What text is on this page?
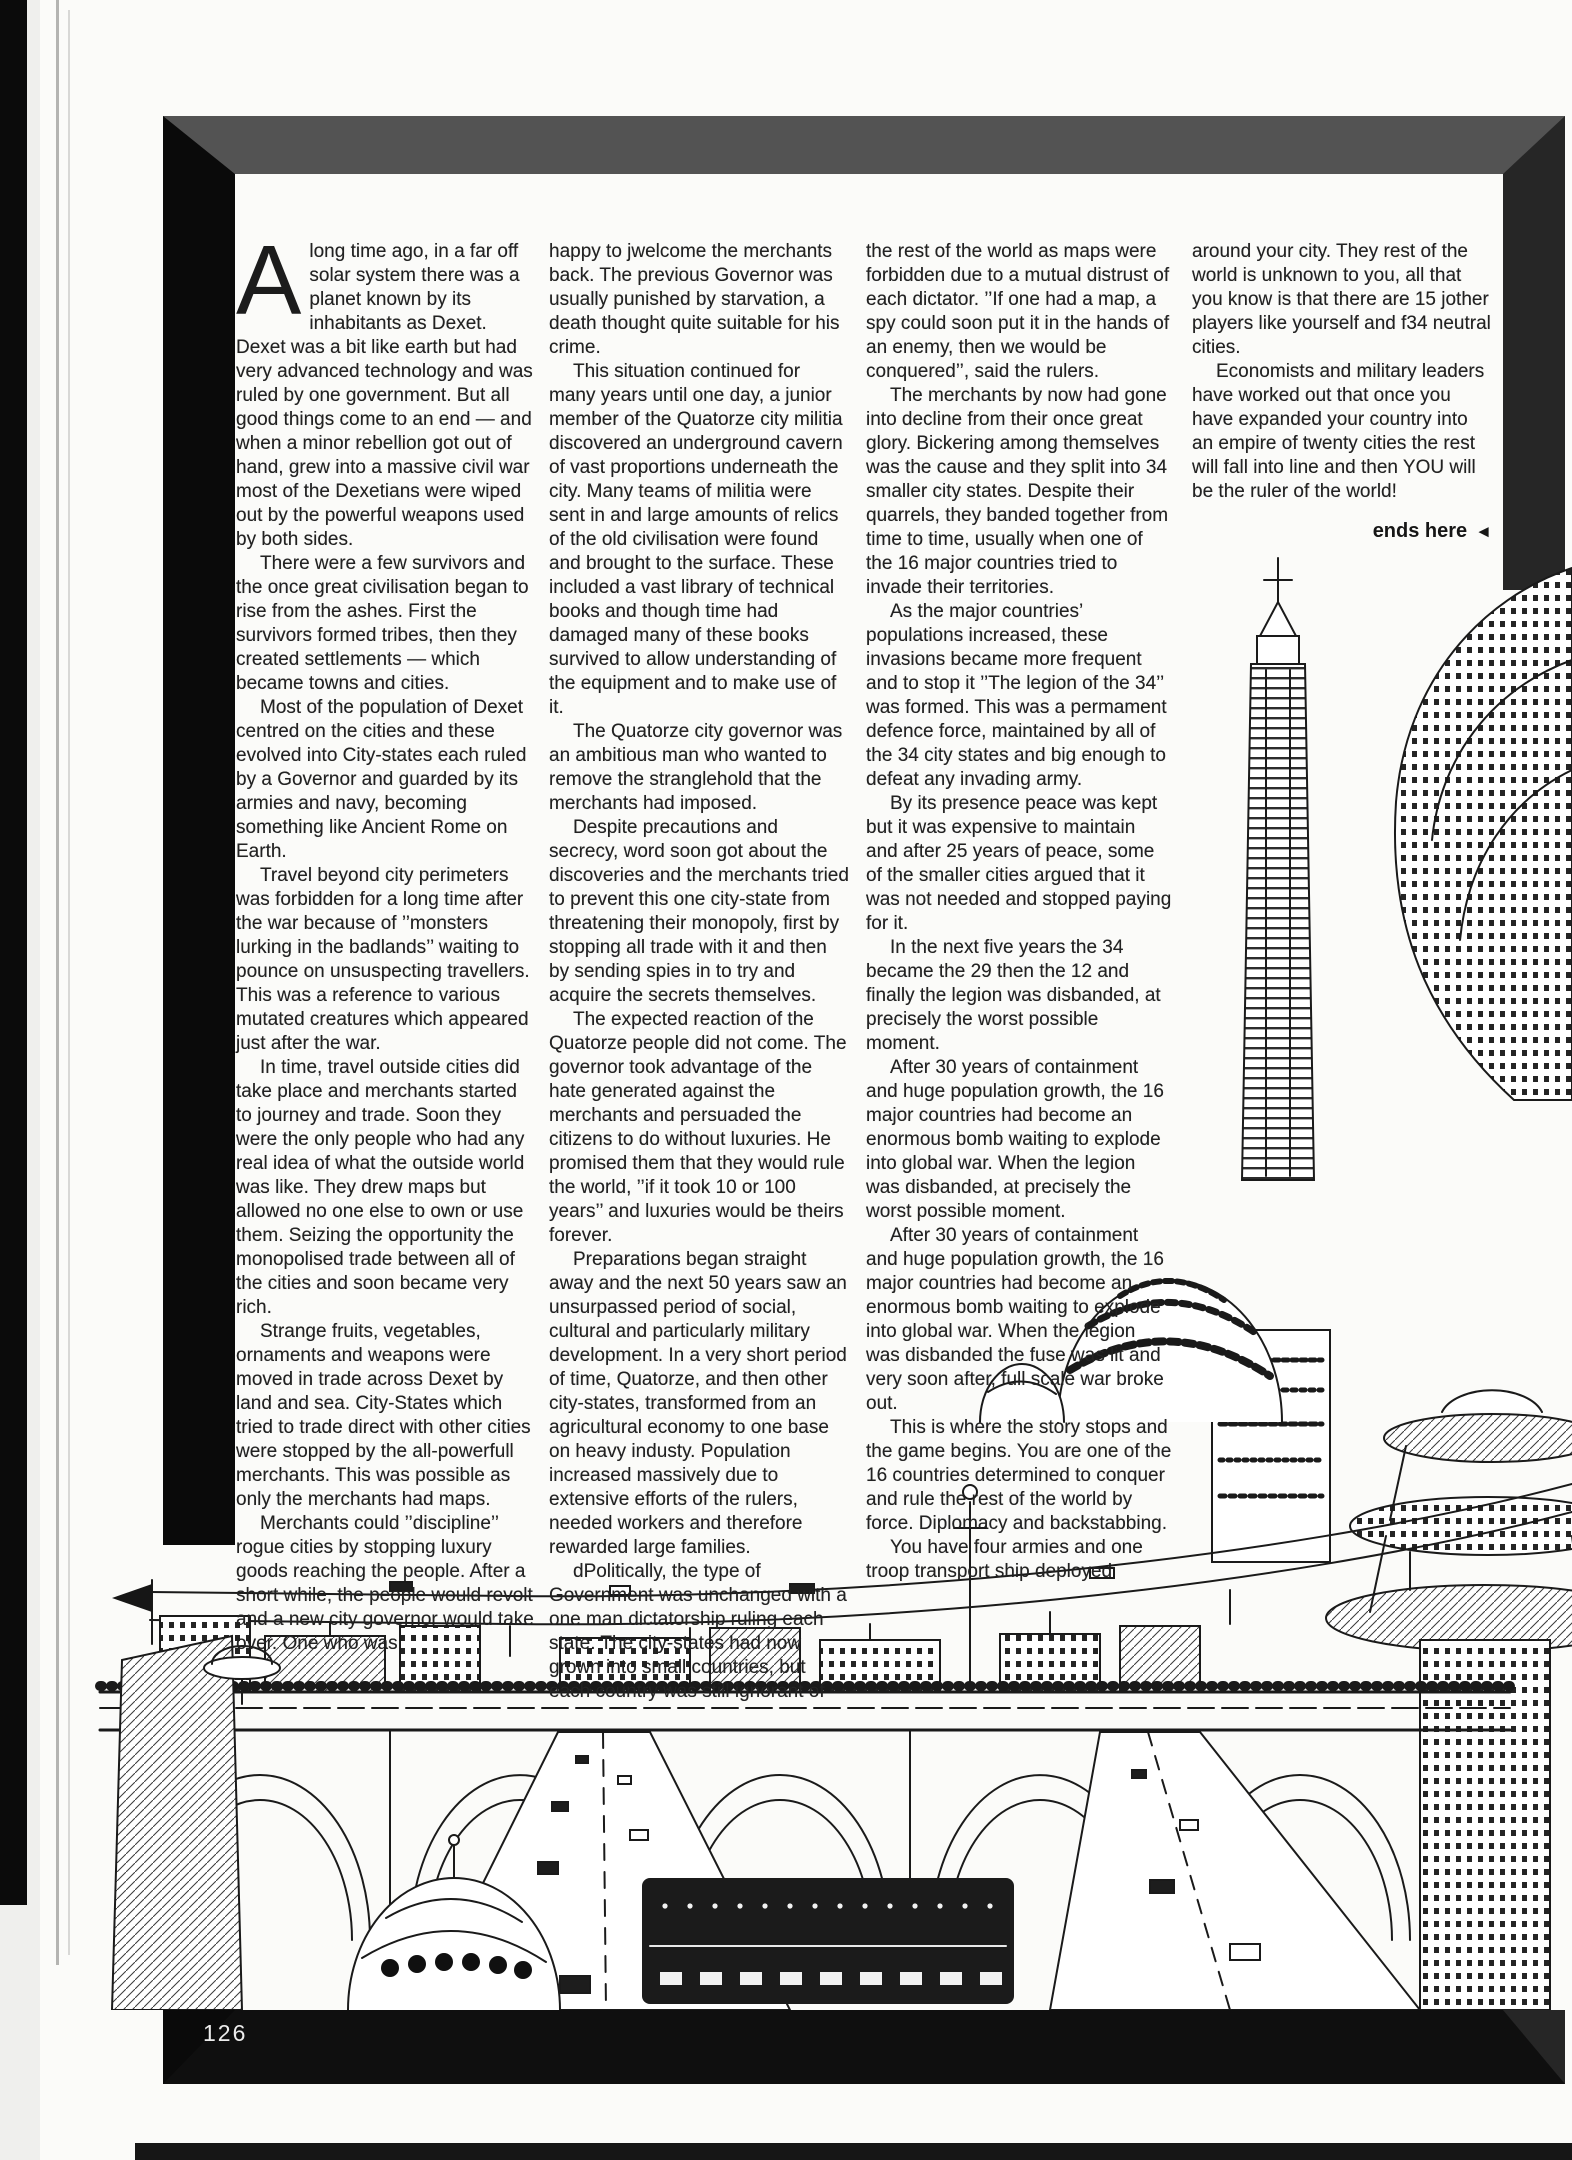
Along time ago, in a far off solar system there was a planet known by its inhabitants as Dexet. Dexet was a bit like earth but had very advanced technology and was ruled by one government. But all good things come to an end — and when a minor rebellion got out of hand, grew into a massive civil war most of the Dexetians were wiped out by the powerful weapons used by both sides.

There were a few survivors and the once great civilisation began to rise from the ashes. First the survivors formed tribes, then they created settlements — which became towns and cities.

Most of the population of Dexet centred on the cities and these evolved into City-states each ruled by a Governor and guarded by its armies and navy, becoming something like Ancient Rome on Earth.

Travel beyond city perimeters was forbidden for a long time after the war because of ’’monsters lurking in the badlands’’ waiting to pounce on unsuspecting travellers. This was a reference to various mutated creatures which appeared just after the war.

In time, travel outside cities did take place and merchants started to journey and trade. Soon they were the only people who had any real idea of what the outside world was like. They drew maps but allowed no one else to own or use them. Seizing the opportunity the monopolised trade between all of the cities and soon became very rich.

Strange fruits, vegetables, ornaments and weapons were moved in trade across Dexet by land and sea. City-States which tried to trade direct with other cities were stopped by the all-powerfull merchants. This was possible as only the merchants had maps.

Merchants could ’’discipline’’ rogue cities by stopping luxury goods reaching the people. After a short while, the people would revolt and a new city governor would take over. One who was

happy to jwelcome the merchants back. The previous Governor was usually punished by starvation, a death thought quite suitable for his crime.

This situation continued for many years until one day, a junior member of the Quatorze city militia discovered an underground cavern of vast proportions underneath the city. Many teams of militia were sent in and large amounts of relics of the old civilisation were found and brought to the surface. These included a vast library of technical books and though time had damaged many of these books survived to allow understanding of the equipment and to make use of it.

The Quatorze city governor was an ambitious man who wanted to remove the stranglehold that the merchants had imposed.

Despite precautions and secrecy, word soon got about the discoveries and the merchants tried to prevent this one city-state from threatening their monopoly, first by stopping all trade with it and then by sending spies in to try and acquire the secrets themselves.

The expected reaction of the Quatorze people did not come. The governor took advantage of the hate generated against the merchants and persuaded the citizens to do without luxuries. He promised them that they would rule the world, ’’if it took 10 or 100 years’’ and luxuries would be theirs forever.

Preparations began straight away and the next 50 years saw an unsurpassed period of social, cultural and particularly military development. In a very short period of time, Quatorze, and then other city-states, transformed from an agricultural economy to one base on heavy industy. Population increased massively due to extensive efforts of the rulers, needed workers and therefore rewarded large families.

dPolitically, the type of Government was unchanged with a one man dictatorship ruling each state. The city-states had now grown into small countries, but each country was still ignorant of

the rest of the world as maps were forbidden due to a mutual distrust of each dictator. ’’If one had a map, a spy could soon put it in the hands of an enemy, then we would be conquered’’, said the rulers.

The merchants by now had gone into decline from their once great glory. Bickering among themselves was the cause and they split into 34 smaller city states. Despite their quarrels, they banded together from time to time, usually when one of the 16 major countries tried to invade their territories.

As the major countries’ populations increased, these invasions became more frequent and to stop it ’’The legion of the 34’’ was formed. This was a permament defence force, maintained by all of the 34 city states and big enough to defeat any invading army.

By its presence peace was kept but it was expensive to maintain and after 25 years of peace, some of the smaller cities argued that it was not needed and stopped paying for it.

In the next five years the 34 became the 29 then the 12 and finally the legion was disbanded, at precisely the worst possible moment.

After 30 years of containment and huge population growth, the 16 major countries had become an enormous bomb waiting to explode into global war. When the legion was disbanded, at precisely the worst possible moment.

After 30 years of containment and huge population growth, the 16 major countries had become an enormous bomb waiting to explode into global war. When the legion was disbanded the fuse was lit and very soon after, full scale war broke out.

This is where the story stops and the game begins. You are one of the 16 countries determined to conquer and rule the rest of the world by force. Diplomacy and backstabbing.

You have four armies and one troop transport ship deployed

around your city. They rest of the world is unknown to you, all that you know is that there are 15 jother players like yourself and f34 neutral cities.

Economists and military leaders have worked out that once you have expanded your country into an empire of twenty cities the rest will fall into line and then YOU will be the ruler of the world!

ends here ◄
126
